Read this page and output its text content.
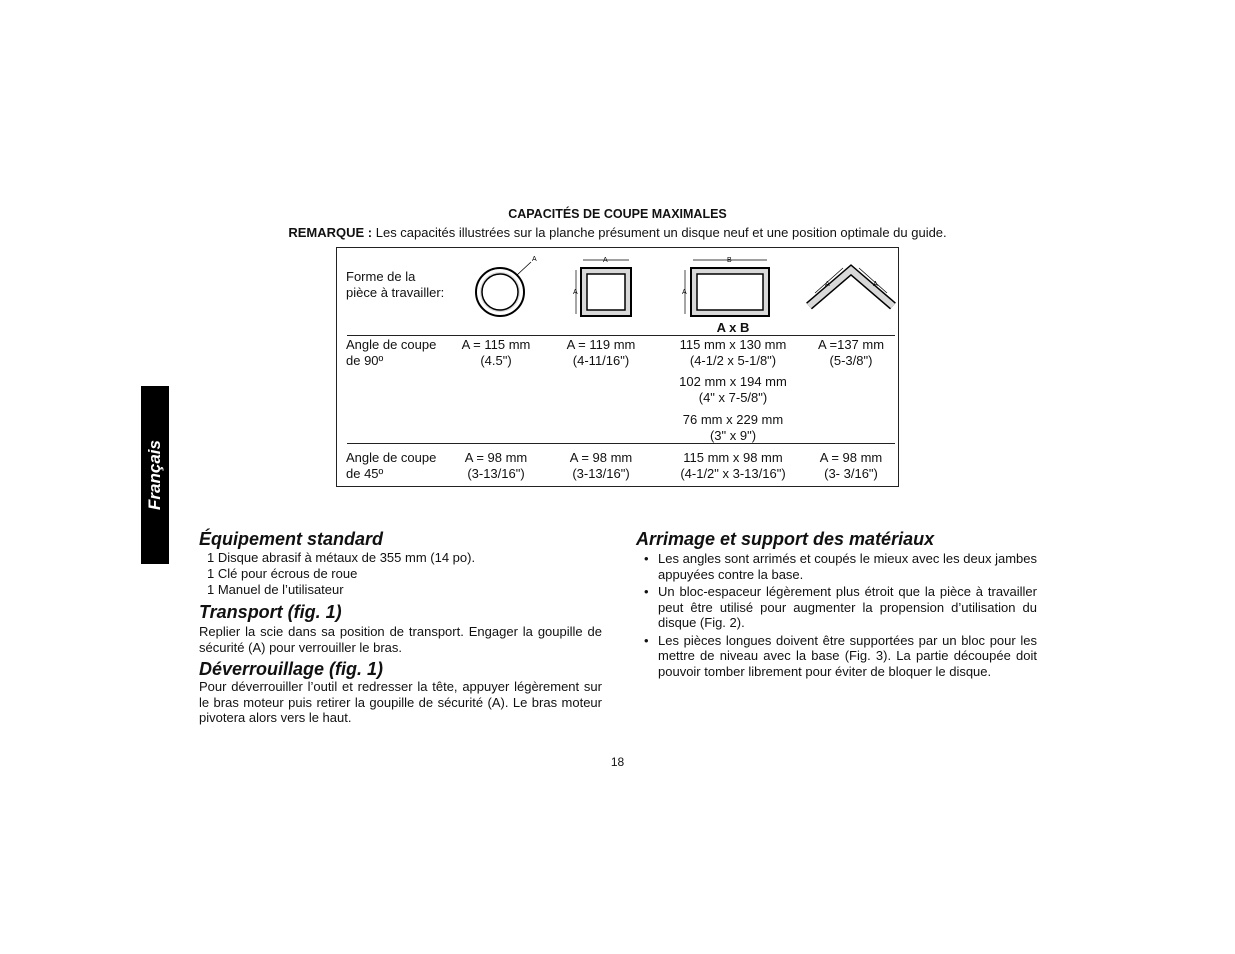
CAPACITÉS DE COUPE MAXIMALES
REMARQUE : Les capacités illustrées sur la planche présument un disque neuf et une position optimale du guide.
Forme de la
pièce à travailler:
A	A
A
B
A
A	A
A x B
Angle de coupe
de 90º
A = 115 mm
(4.5")
A = 119 mm
(4-11/16")
115 mm x 130 mm
(4-1/2 x 5-1/8")
102 mm x 194 mm
(4" x 7-5/8")
76 mm x 229 mm
(3" x 9")
A =137 mm
(5-3/8")
Angle de coupe
de 45º
A = 98 mm
(3-13/16")
A = 98 mm
(3-13/16")
115 mm x 98 mm
(4-1/2" x 3-13/16")
A = 98 mm
(3- 3/16")
Français
Équipement standard
1 Disque abrasif à métaux de 355 mm (14 po).
1 Clé pour écrous de roue
1 Manuel de l’utilisateur
Transport (fig. 1)
Replier la scie dans sa position de transport. Engager la goupille de sécurité (A) pour verrouiller le bras.
Déverrouillage (fig. 1)
Pour déverrouiller l’outil et redresser la tête, appuyer légèrement sur le bras moteur puis retirer la goupille de sécurité (A). Le bras moteur pivotera alors vers le haut.
Arrimage et support des matériaux
• Les angles sont arrimés et coupés le mieux avec les deux jambes appuyées contre la base.
• Un bloc-espaceur légèrement plus étroit que la pièce à travailler peut être utilisé pour augmenter la propension d’utilisation du disque (Fig. 2).
• Les pièces longues doivent être supportées par un bloc pour les mettre de niveau avec la base (Fig. 3). La partie découpée doit pouvoir tomber librement pour éviter de bloquer le disque.
18
